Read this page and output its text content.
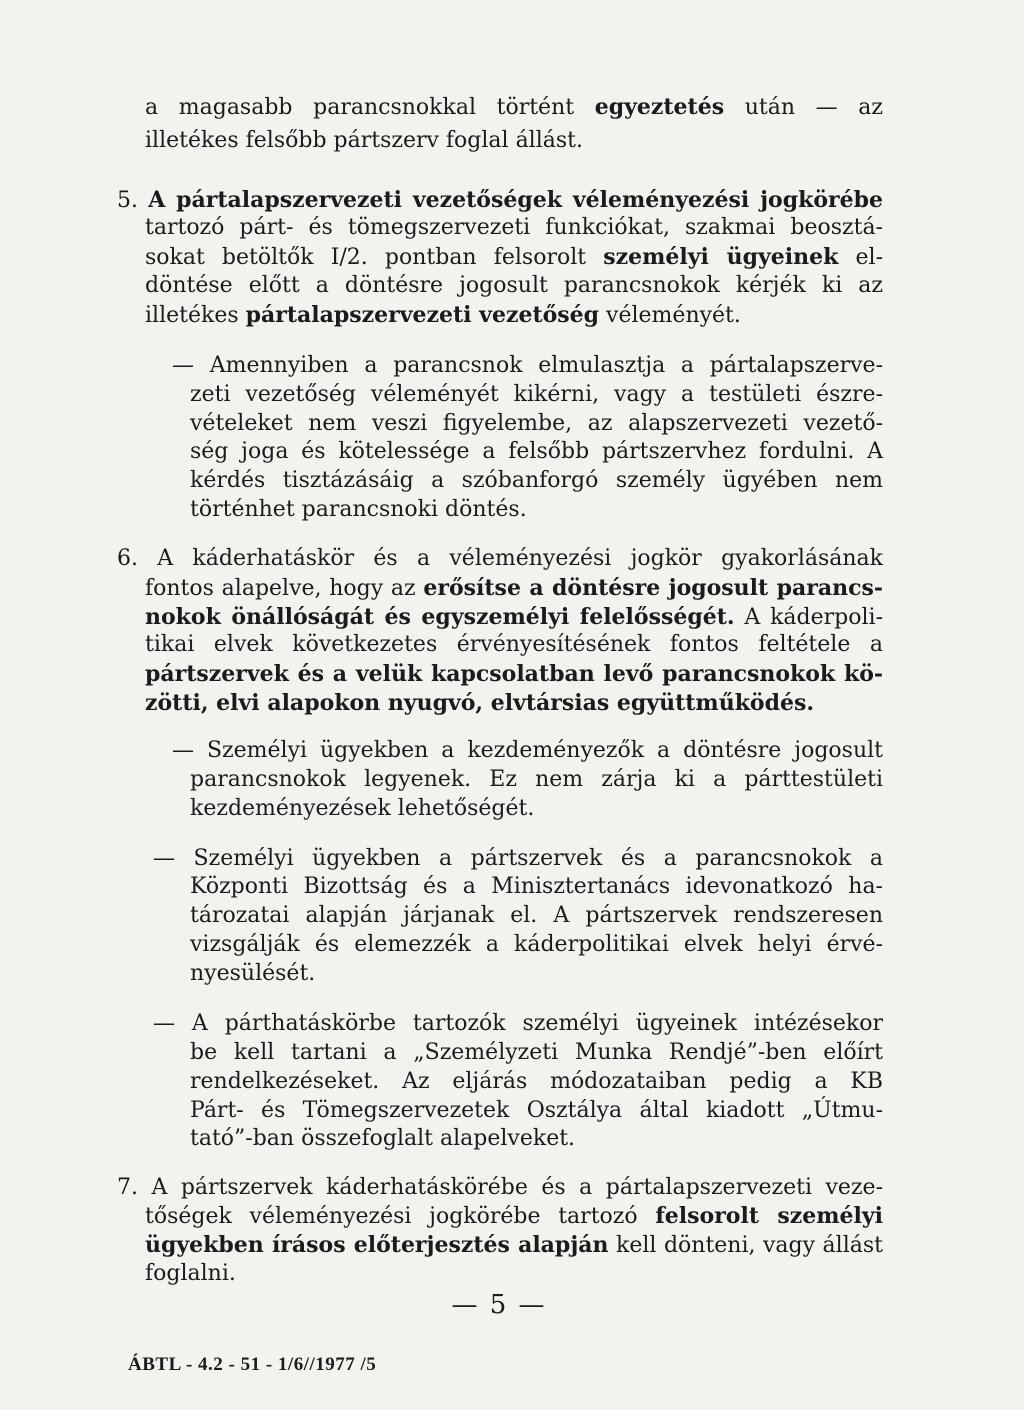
a magasabb parancsnokkal történt egyeztetés után — az
illetékes felsőbb pártszerv foglal állást.
5. A pártalapszervezeti vezetőségek véleményezési jogkörébe
tartozó párt- és tömegszervezeti funkciókat, szakmai beosztá-
sokat betöltők I/2. pontban felsorolt személyi ügyeinek el-
döntése előtt a döntésre jogosult parancsnokok kérjék ki az
illetékes pártalapszervezeti vezetőség véleményét.
— Amennyiben a parancsnok elmulasztja a pártalapszerve-
zeti vezetőség véleményét kikérni, vagy a testületi észre-
vételeket nem veszi figyelembe, az alapszervezeti vezető-
ség joga és kötelessége a felsőbb pártszervhez fordulni. A
kérdés tisztázásáig a szóbanforgó személy ügyében nem
történhet parancsnoki döntés.
6. A káderhatáskör és a véleményezési jogkör gyakorlásának
fontos alapelve, hogy az erősítse a döntésre jogosult parancs-
nokok önállóságát és egyszemélyi felelősségét. A káderpoli-
tikai elvek következetes érvényesítésének fontos feltétele a
pártszervek és a velük kapcsolatban levő parancsnokok kö-
zötti, elvi alapokon nyugvó, elvtársias együttműködés.
— Személyi ügyekben a kezdeményezők a döntésre jogosult
parancsnokok legyenek. Ez nem zárja ki a párttestületi
kezdeményezések lehetőségét.
— Személyi ügyekben a pártszervek és a parancsnokok a
Központi Bizottság és a Minisztertanács idevonatkozó ha-
tározatai alapján járjanak el. A pártszervek rendszeresen
vizsgálják és elemezzék a káderpolitikai elvek helyi érvé-
nyesülését.
— A párthatáskörbe tartozók személyi ügyeinek intézésekor
be kell tartani a „Személyzeti Munka Rendjé”-ben előírt
rendelkezéseket. Az eljárás módozataiban pedig a KB
Párt- és Tömegszervezetek Osztálya által kiadott „Útmu-
tató”-ban összefoglalt alapelveket.
7. A pártszervek káderhatáskörébe és a pártalapszervezeti veze-
tőségek véleményezési jogkörébe tartozó felsorolt személyi
ügyekben írásos előterjesztés alapján kell dönteni, vagy állást
foglalni.
— 5 —
ÁBTL - 4.2 - 51 - 1/6//1977 /5
